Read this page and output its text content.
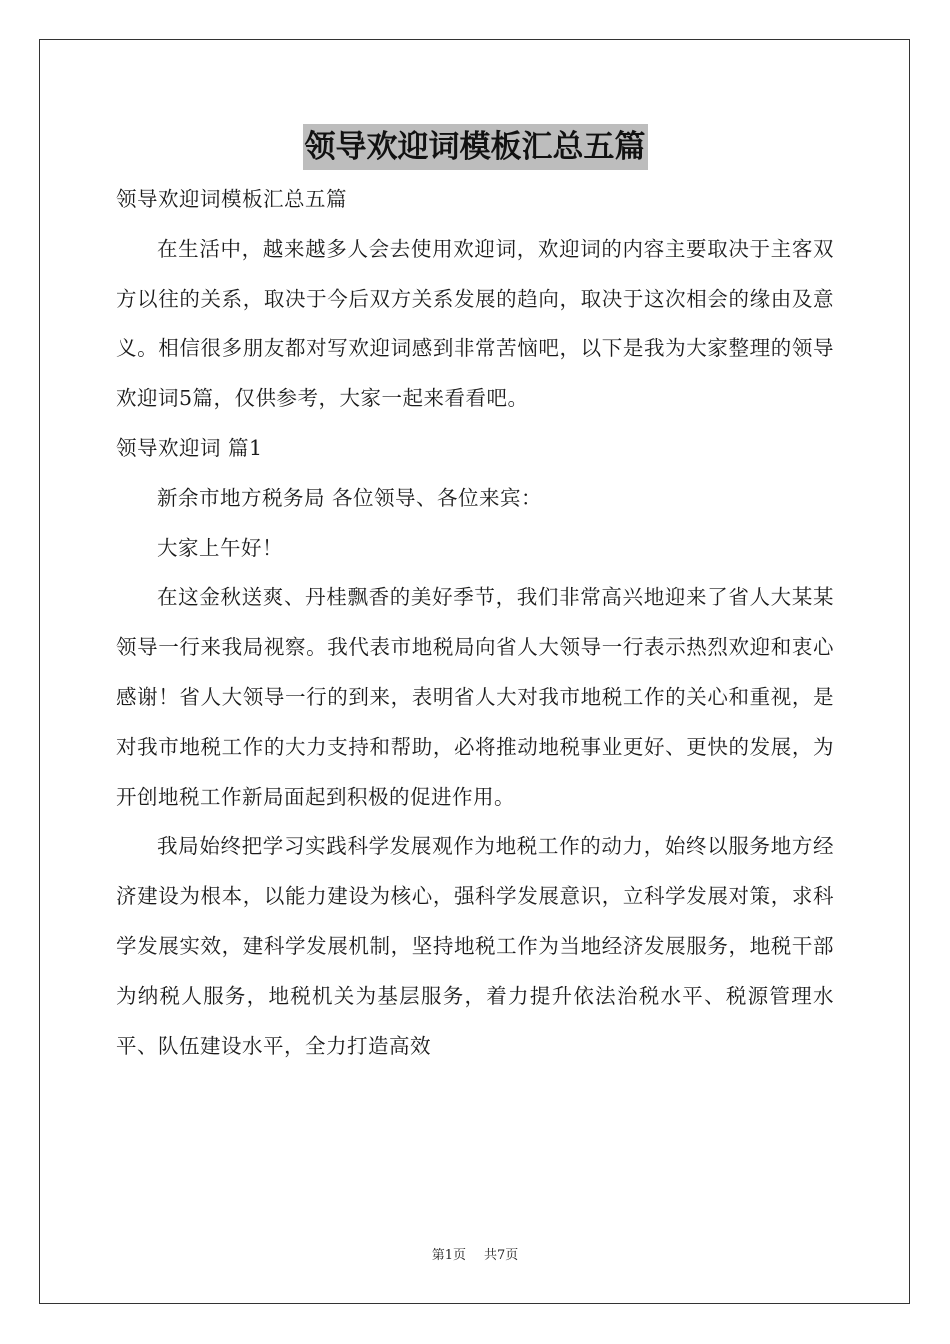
领导欢迎词模板汇总五篇

领导欢迎词模板汇总五篇

在生活中，越来越多人会去使用欢迎词，欢迎词的内容主要取决于主客双方以往的关系，取决于今后双方关系发展的趋向，取决于这次相会的缘由及意义。相信很多朋友都对写欢迎词感到非常苦恼吧，以下是我为大家整理的领导欢迎词5篇，仅供参考，大家一起来看看吧。

领导欢迎词 篇1

新余市地方税务局 各位领导、各位来宾：

大家上午好！

在这金秋送爽、丹桂飘香的美好季节，我们非常高兴地迎来了省人大某某领导一行来我局视察。我代表市地税局向省人大领导一行表示热烈欢迎和衷心感谢！省人大领导一行的到来，表明省人大对我市地税工作的关心和重视，是对我市地税工作的大力支持和帮助，必将推动地税事业更好、更快的发展，为开创地税工作新局面起到积极的促进作用。

我局始终把学习实践科学发展观作为地税工作的动力，始终以服务地方经济建设为根本，以能力建设为核心，强科学发展意识，立科学发展对策，求科学发展实效，建科学发展机制，坚持地税工作为当地经济发展服务，地税干部为纳税人服务，地税机关为基层服务，着力提升依法治税水平、税源管理水平、队伍建设水平，全力打造高效

第1页 共7页
